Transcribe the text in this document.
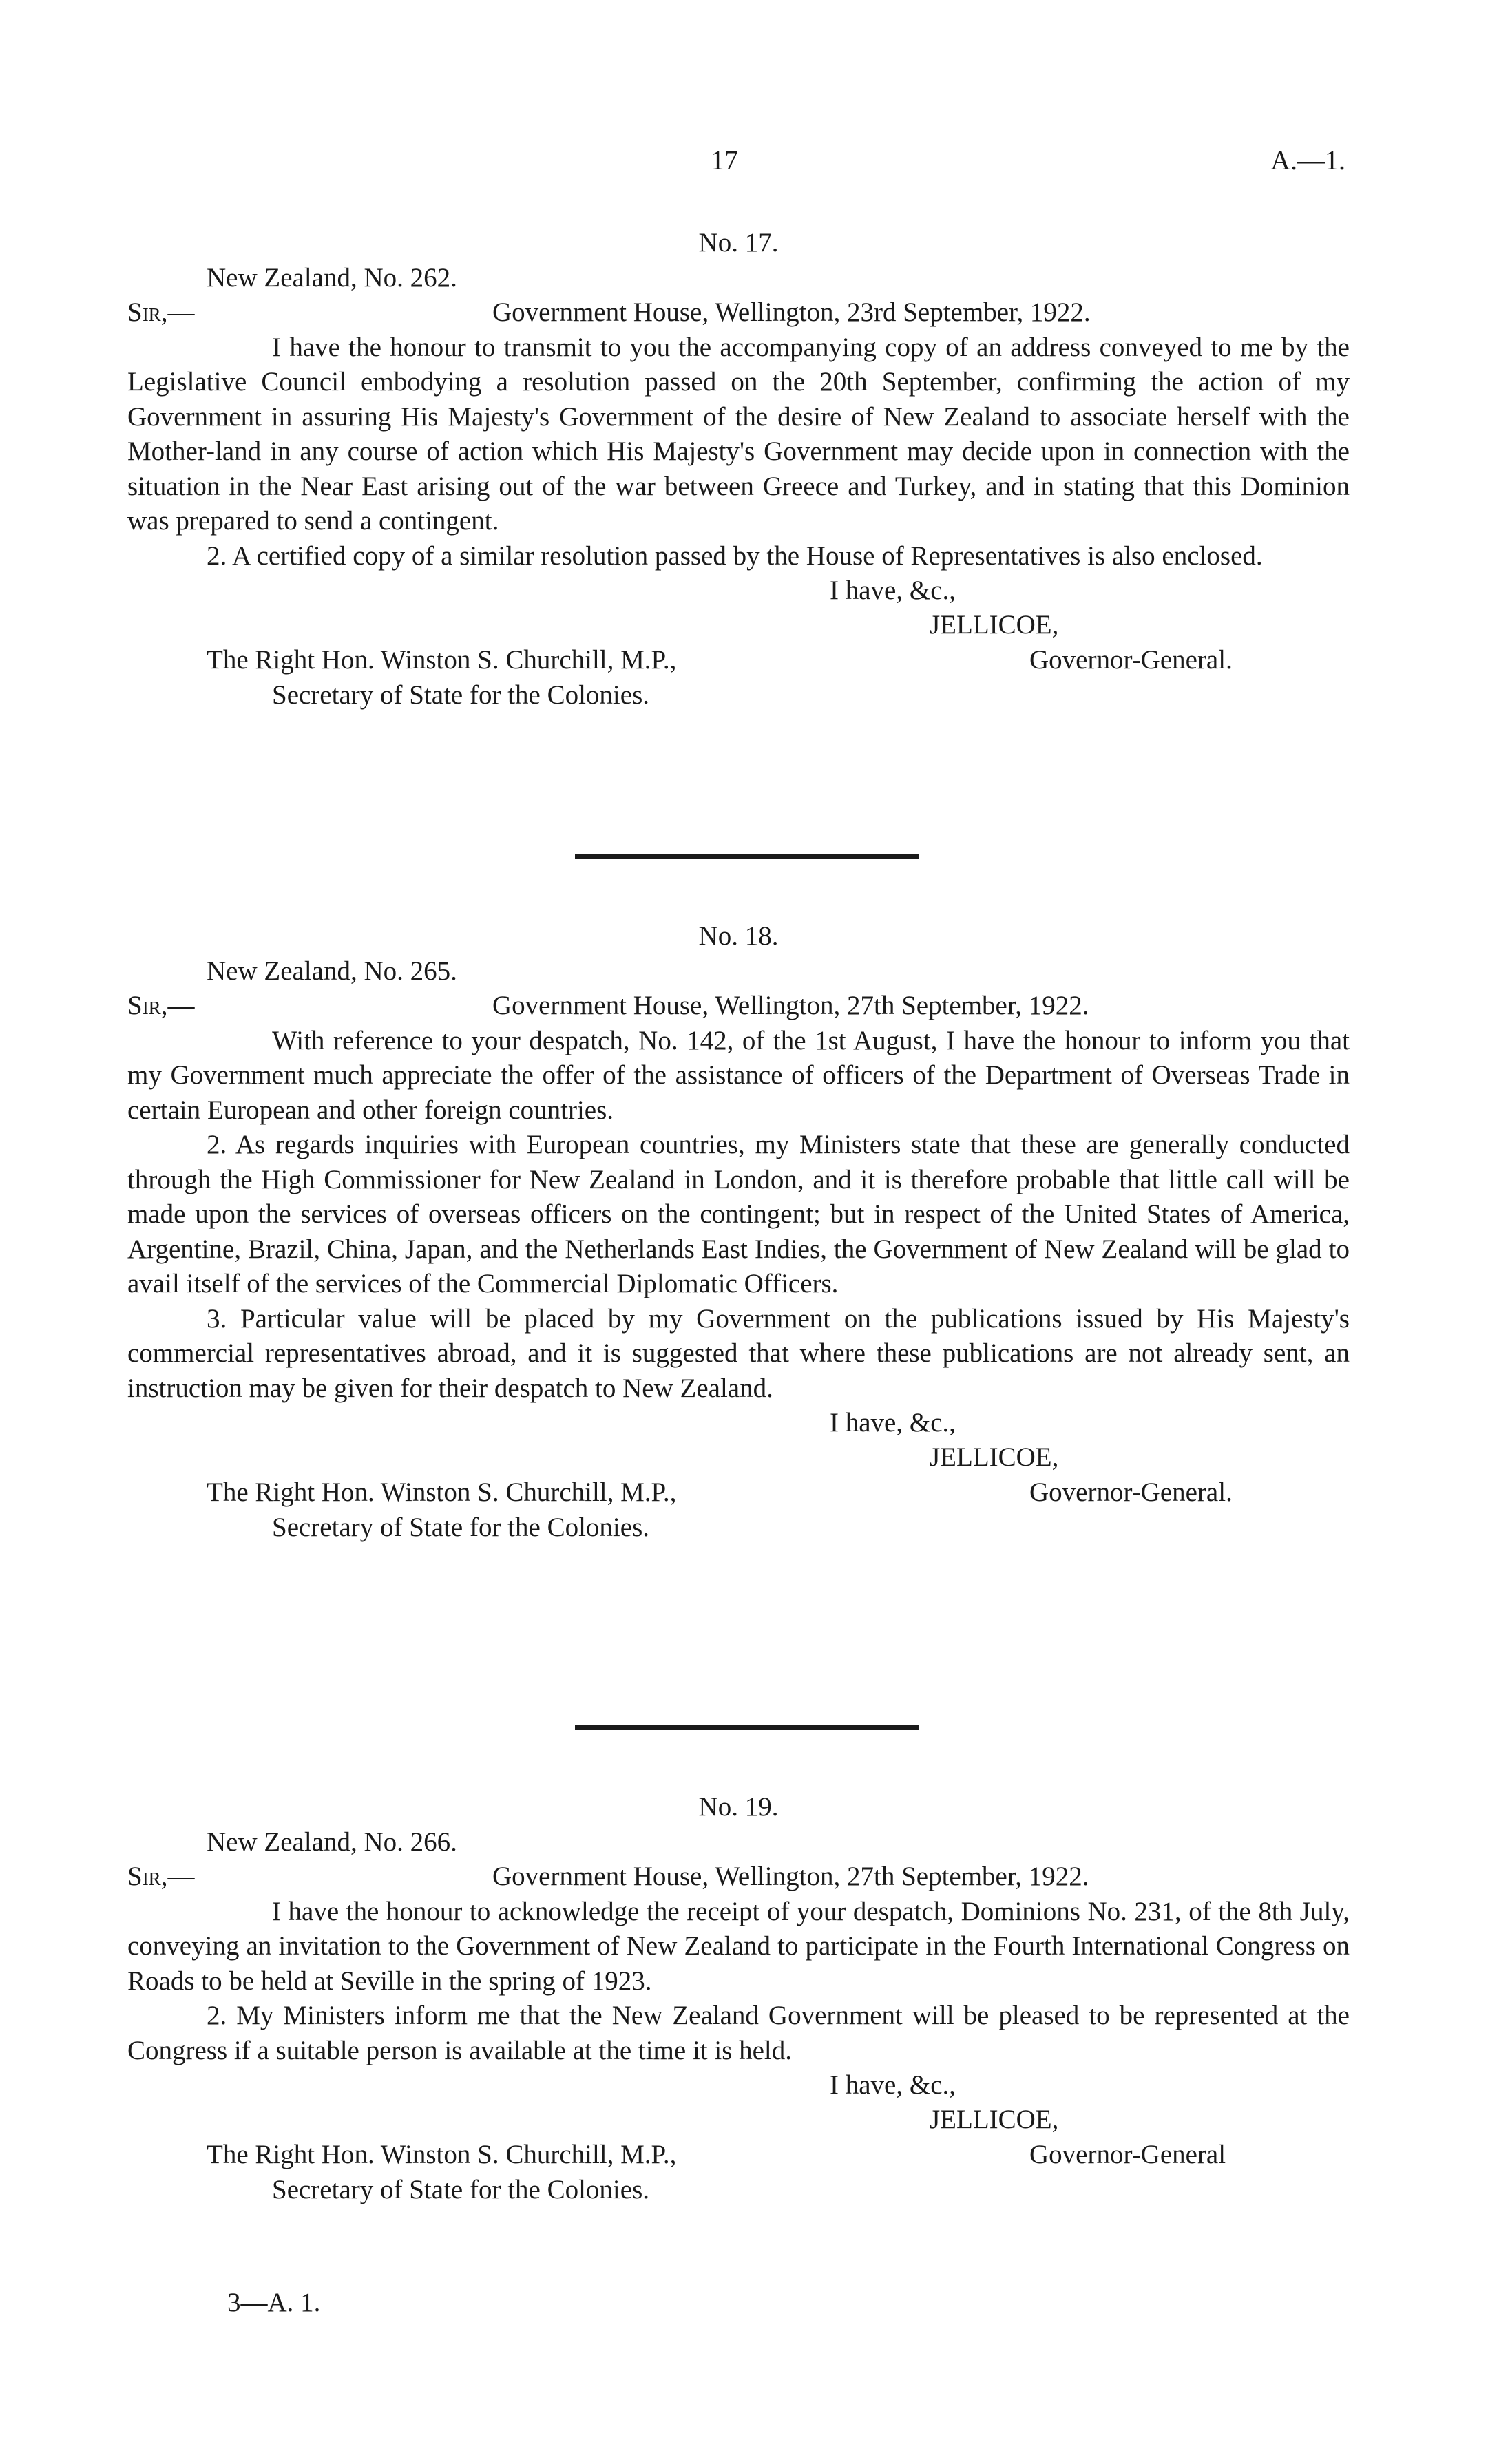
17	A.—1.

No. 17.

New Zealand, No. 262.

Sir,—	Government House, Wellington, 23rd September, 1922.

I have the honour to transmit to you the accompanying copy of an address conveyed to me by the Legislative Council embodying a resolution passed on the 20th September, confirming the action of my Government in assuring His Majesty's Government of the desire of New Zealand to associate herself with the Mother-land in any course of action which His Majesty's Government may decide upon in connection with the situation in the Near East arising out of the war between Greece and Turkey, and in stating that this Dominion was prepared to send a contingent.

2. A certified copy of a similar resolution passed by the House of Representatives is also enclosed.

I have, &c.,
JELLICOE,
The Right Hon. Winston S. Churchill, M.P.,	Governor-General.

Secretary of State for the Colonies.

No. 18.

New Zealand, No. 265.

Sir,—	Government House, Wellington, 27th September, 1922.

With reference to your despatch, No. 142, of the 1st August, I have the honour to inform you that my Government much appreciate the offer of the assistance of officers of the Department of Overseas Trade in certain European and other foreign countries.

2. As regards inquiries with European countries, my Ministers state that these are generally conducted through the High Commissioner for New Zealand in London, and it is therefore probable that little call will be made upon the services of overseas officers on the contingent; but in respect of the United States of America, Argentine, Brazil, China, Japan, and the Netherlands East Indies, the Government of New Zealand will be glad to avail itself of the services of the Commercial Diplomatic Officers.

3. Particular value will be placed by my Government on the publications issued by His Majesty's commercial representatives abroad, and it is suggested that where these publications are not already sent, an instruction may be given for their despatch to New Zealand.

I have, &c.,
JELLICOE,
The Right Hon. Winston S. Churchill, M.P.,	Governor-General.

Secretary of State for the Colonies.

No. 19.

New Zealand, No. 266.

Sir,—	Government House, Wellington, 27th September, 1922.

I have the honour to acknowledge the receipt of your despatch, Dominions No. 231, of the 8th July, conveying an invitation to the Government of New Zealand to participate in the Fourth International Congress on Roads to be held at Seville in the spring of 1923.

2. My Ministers inform me that the New Zealand Government will be pleased to be represented at the Congress if a suitable person is available at the time it is held.

I have, &c.,
JELLICOE,
The Right Hon. Winston S. Churchill, M.P.,	Governor-General

Secretary of State for the Colonies.

3—A. 1.
